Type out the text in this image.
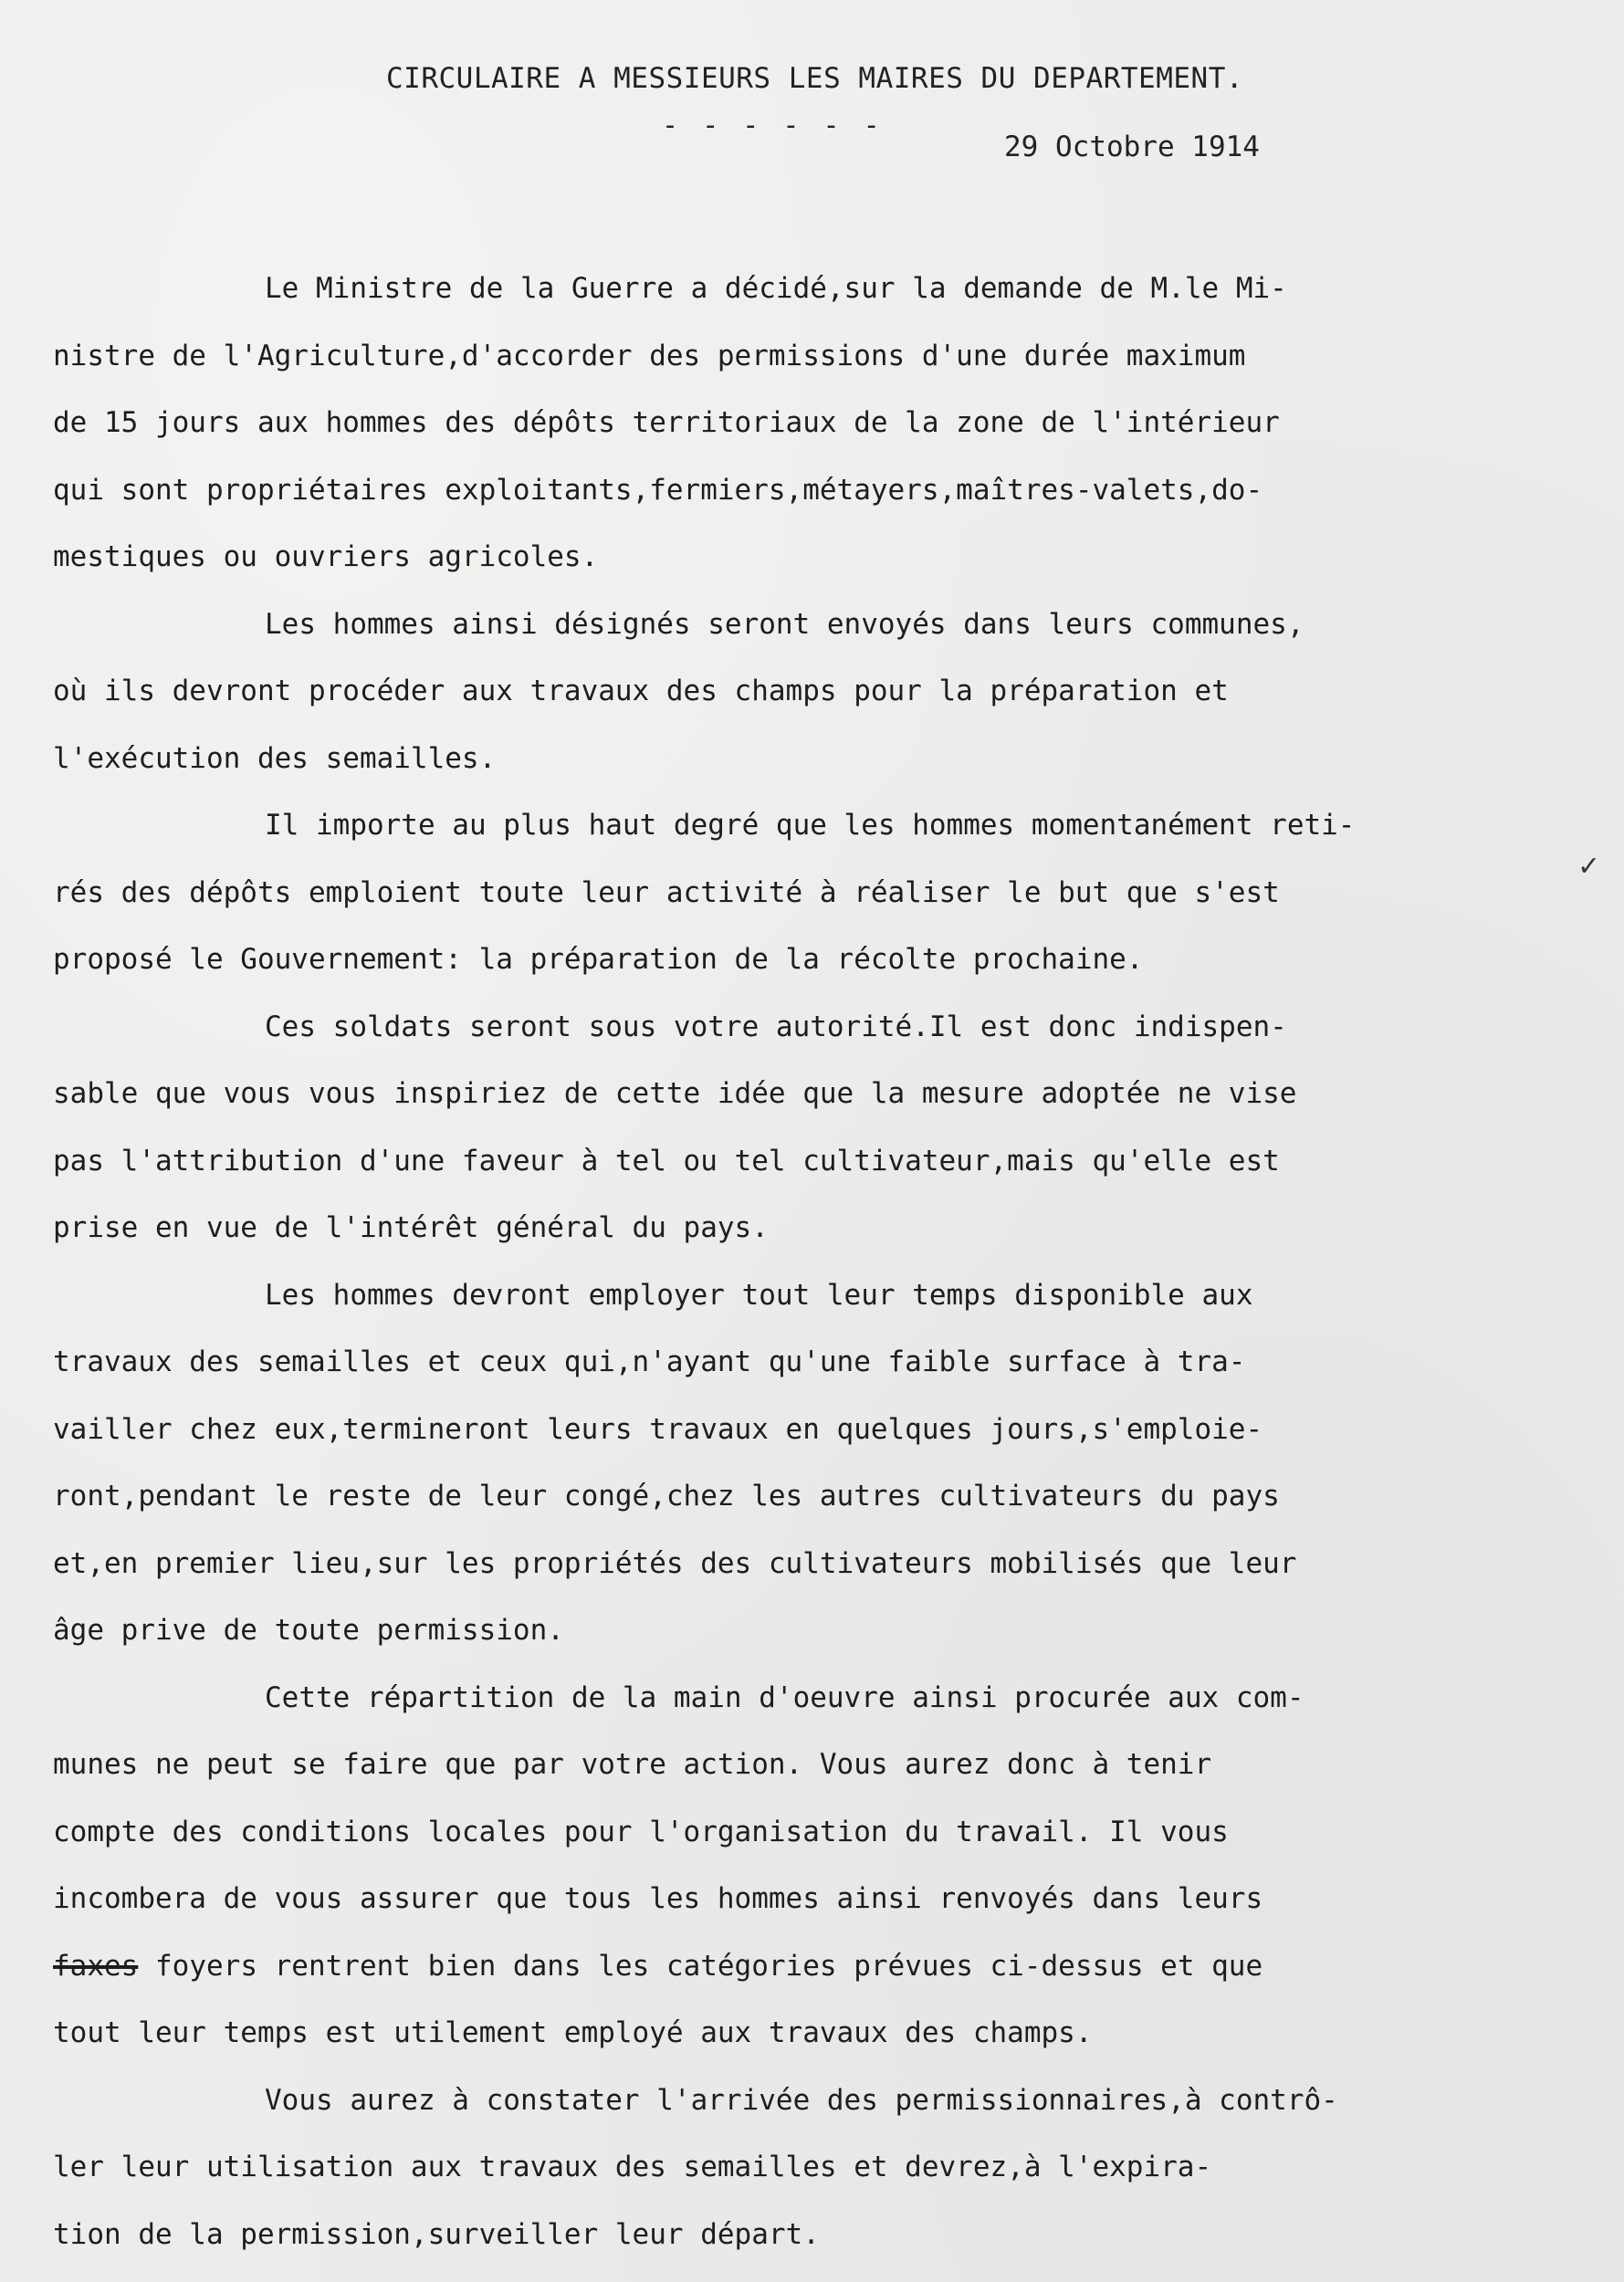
CIRCULAIRE A MESSIEURS LES MAIRES DU DEPARTEMENT.
- - - - - -
29 Octobre 1914

Le Ministre de la Guerre a décidé,sur la demande de M.le Mi-
nistre de l'Agriculture,d'accorder des permissions d'une durée maximum
de 15 jours aux hommes des dépôts territoriaux de la zone de l'intérieur
qui sont propriétaires exploitants,fermiers,métayers,maîtres-valets,do-
mestiques ou ouvriers agricoles.

Les hommes ainsi désignés seront envoyés dans leurs communes,
où ils devront procéder aux travaux des champs pour la préparation et
l'exécution des semailles.

Il importe au plus haut degré que les hommes momentanément reti-
rés des dépôts emploient toute leur activité à réaliser le but que s'est
proposé le Gouvernement: la préparation de la récolte prochaine.

Ces soldats seront sous votre autorité.Il est donc indispen-
sable que vous vous inspiriez de cette idée que la mesure adoptée ne vise
pas l'attribution d'une faveur à tel ou tel cultivateur,mais qu'elle est
prise en vue de l'intérêt général du pays.

Les hommes devront employer tout leur temps disponible aux
travaux des semailles et ceux qui,n'ayant qu'une faible surface à tra-
vailler chez eux,termineront leurs travaux en quelques jours,s'emploie-
ront,pendant le reste de leur congé,chez les autres cultivateurs du pays
et,en premier lieu,sur les propriétés des cultivateurs mobilisés que leur
âge prive de toute permission.

Cette répartition de la main d'oeuvre ainsi procurée aux com-
munes ne peut se faire que par votre action. Vous aurez donc à tenir
compte des conditions locales pour l'organisation du travail. Il vous
incombera de vous assurer que tous les hommes ainsi renvoyés dans leurs
faxes foyers rentrent bien dans les catégories prévues ci-dessus et que
tout leur temps est utilement employé aux travaux des champs.

Vous aurez à constater l'arrivée des permissionnaires,à contrô-
ler leur utilisation aux travaux des semailles et devrez,à l'expira-
tion de la permission,surveiller leur départ.

✓
